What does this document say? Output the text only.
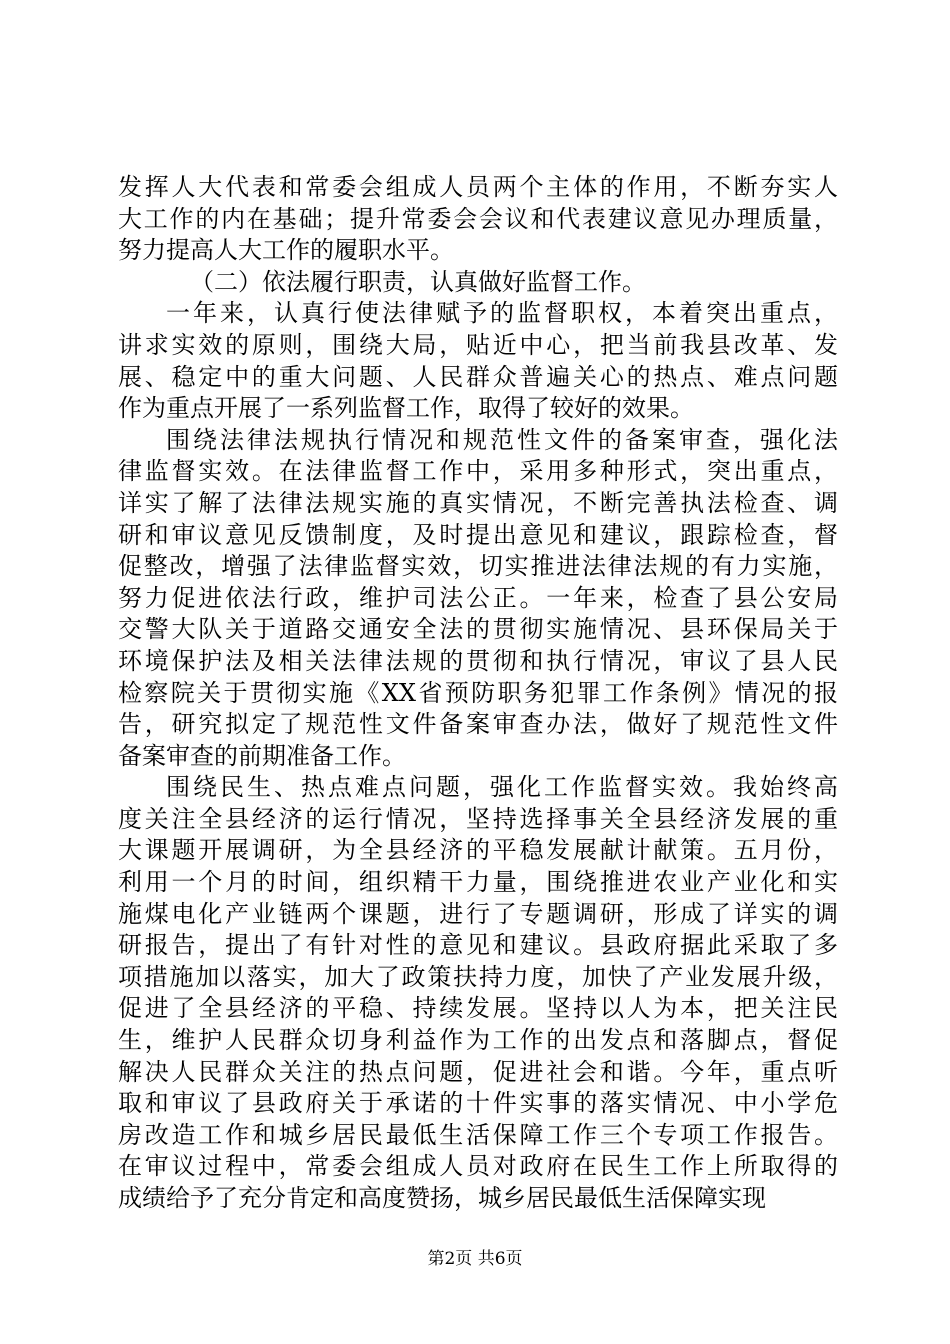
发挥人大代表和常委会组成人员两个主体的作用，不断夯实人
大工作的内在基础；提升常委会会议和代表建议意见办理质量，
努力提高人大工作的履职水平。
（二）依法履行职责，认真做好监督工作。
一年来，认真行使法律赋予的监督职权，本着突出重点，
讲求实效的原则，围绕大局，贴近中心，把当前我县改革、发
展、稳定中的重大问题、人民群众普遍关心的热点、难点问题
作为重点开展了一系列监督工作，取得了较好的效果。
围绕法律法规执行情况和规范性文件的备案审查，强化法
律监督实效。在法律监督工作中，采用多种形式，突出重点，
详实了解了法律法规实施的真实情况，不断完善执法检查、调
研和审议意见反馈制度，及时提出意见和建议，跟踪检查，督
促整改，增强了法律监督实效，切实推进法律法规的有力实施，
努力促进依法行政，维护司法公正。一年来，检查了县公安局
交警大队关于道路交通安全法的贯彻实施情况、县环保局关于
环境保护法及相关法律法规的贯彻和执行情况，审议了县人民
检察院关于贯彻实施《XX省预防职务犯罪工作条例》情况的报
告，研究拟定了规范性文件备案审查办法，做好了规范性文件
备案审查的前期准备工作。
围绕民生、热点难点问题，强化工作监督实效。我始终高
度关注全县经济的运行情况，坚持选择事关全县经济发展的重
大课题开展调研，为全县经济的平稳发展献计献策。五月份，
利用一个月的时间，组织精干力量，围绕推进农业产业化和实
施煤电化产业链两个课题，进行了专题调研，形成了详实的调
研报告，提出了有针对性的意见和建议。县政府据此采取了多
项措施加以落实，加大了政策扶持力度，加快了产业发展升级，
促进了全县经济的平稳、持续发展。坚持以人为本，把关注民
生，维护人民群众切身利益作为工作的出发点和落脚点，督促
解决人民群众关注的热点问题，促进社会和谐。今年，重点听
取和审议了县政府关于承诺的十件实事的落实情况、中小学危
房改造工作和城乡居民最低生活保障工作三个专项工作报告。
在审议过程中，常委会组成人员对政府在民生工作上所取得的
成绩给予了充分肯定和高度赞扬，城乡居民最低生活保障实现
第2页 共6页
